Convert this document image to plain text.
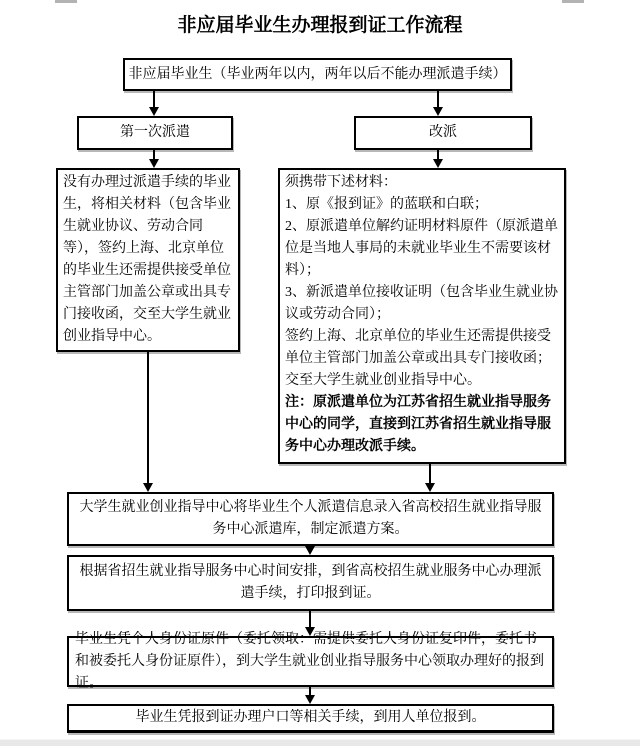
非应届毕业生办理报到证工作流程
非应届毕业生（毕业两年以内，两年以后不能办理派遣手续）
第一次派遣	改派
没有办理过派遣手续的毕业生，将相关材料（包含毕业生就业协议、劳动合同等），签约上海、北京单位的毕业生还需提供接受单位主管部门加盖公章或出具专门接收函，交至大学生就业创业指导中心。
须携带下述材料：
1、原《报到证》的蓝联和白联；
2、原派遣单位解约证明材料原件（原派遣单位是当地人事局的未就业毕业生不需要该材料）；
3、新派遣单位接收证明（包含毕业生就业协议或劳动合同）；
签约上海、北京单位的毕业生还需提供接受单位主管部门加盖公章或出具专门接收函；交至大学生就业创业指导中心。
注：原派遣单位为江苏省招生就业指导服务中心的同学，直接到江苏省招生就业指导服务中心办理改派手续。
大学生就业创业指导中心将毕业生个人派遣信息录入省高校招生就业指导服务中心派遣库，制定派遣方案。
根据省招生就业指导服务中心时间安排，到省高校招生就业服务中心办理派遣手续，打印报到证。
毕业生凭个人身份证原件（委托领取：需提供委托人身份证复印件，委托书和被委托人身份证原件），到大学生就业创业指导服务中心领取办理好的报到证。
毕业生凭报到证办理户口等相关手续，到用人单位报到。
